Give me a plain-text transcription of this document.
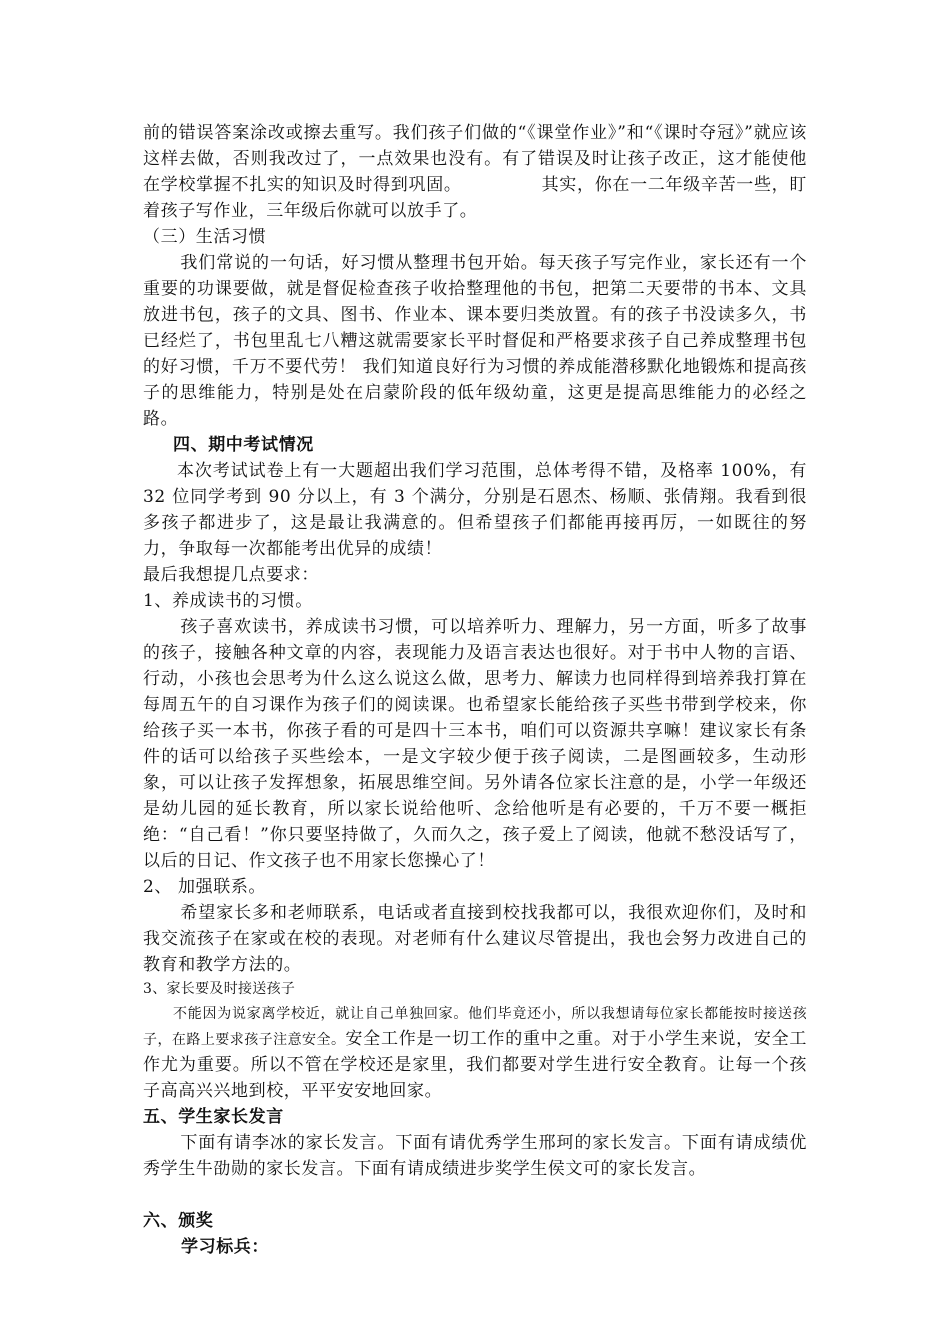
前的错误答案涂改或擦去重写。我们孩子们做的“《课堂作业》”和“《课时夺冠》”就应该这样去做，否则我改过了，一点效果也没有。有了错误及时让孩子改正，这才能使他在学校掌握不扎实的知识及时得到巩固。　　　　　其实，你在一二年级辛苦一些，盯着孩子写作业，三年级后你就可以放手了。

（三）生活习惯

我们常说的一句话，好习惯从整理书包开始。每天孩子写完作业，家长还有一个重要的功课要做，就是督促检查孩子收拾整理他的书包，把第二天要带的书本、文具放进书包，孩子的文具、图书、作业本、课本要归类放置。有的孩子书没读多久，书已经烂了，书包里乱七八糟这就需要家长平时督促和严格要求孩子自己养成整理书包的好习惯，千万不要代劳！ 我们知道良好行为习惯的养成能潜移默化地锻炼和提高孩子的思维能力，特别是处在启蒙阶段的低年级幼童，这更是提高思维能力的必经之路。

四、期中考试情况

本次考试试卷上有一大题超出我们学习范围，总体考得不错，及格率 100%，有 32 位同学考到 90 分以上，有 3 个满分，分别是石恩杰、杨顺、张倩翔。我看到很多孩子都进步了，这是最让我满意的。但希望孩子们都能再接再厉，一如既往的努力，争取每一次都能考出优异的成绩！

最后我想提几点要求：

1、养成读书的习惯。

孩子喜欢读书，养成读书习惯，可以培养听力、理解力，另一方面，听多了故事的孩子，接触各种文章的内容，表现能力及语言表达也很好。对于书中人物的言语、行动，小孩也会思考为什么这么说这么做，思考力、解读力也同样得到培养我打算在每周五午的自习课作为孩子们的阅读课。也希望家长能给孩子买些书带到学校来，你给孩子买一本书，你孩子看的可是四十三本书，咱们可以资源共享嘛！建议家长有条件的话可以给孩子买些绘本，一是文字较少便于孩子阅读，二是图画较多，生动形象，可以让孩子发挥想象，拓展思维空间。另外请各位家长注意的是，小学一年级还是幼儿园的延长教育，所以家长说给他听、念给他听是有必要的，千万不要一概拒绝：“自己看！”你只要坚持做了，久而久之，孩子爱上了阅读，他就不愁没话写了，以后的日记、作文孩子也不用家长您操心了！

2、 加强联系。

希望家长多和老师联系，电话或者直接到校找我都可以，我很欢迎你们，及时和我交流孩子在家或在校的表现。对老师有什么建议尽管提出，我也会努力改进自己的教育和教学方法的。

3、家长要及时接送孩子

不能因为说家离学校近，就让自己单独回家。他们毕竟还小，所以我想请每位家长都能按时接送孩子，在路上要求孩子注意安全。安全工作是一切工作的重中之重。对于小学生来说，安全工作尤为重要。所以不管在学校还是家里，我们都要对学生进行安全教育。让每一个孩子高高兴兴地到校，平平安安地回家。

五、学生家长发言

下面有请李冰的家长发言。下面有请优秀学生邢珂的家长发言。下面有请成绩优秀学生牛劭勋的家长发言。下面有请成绩进步奖学生侯文可的家长发言。

六、颁奖

学习标兵：
